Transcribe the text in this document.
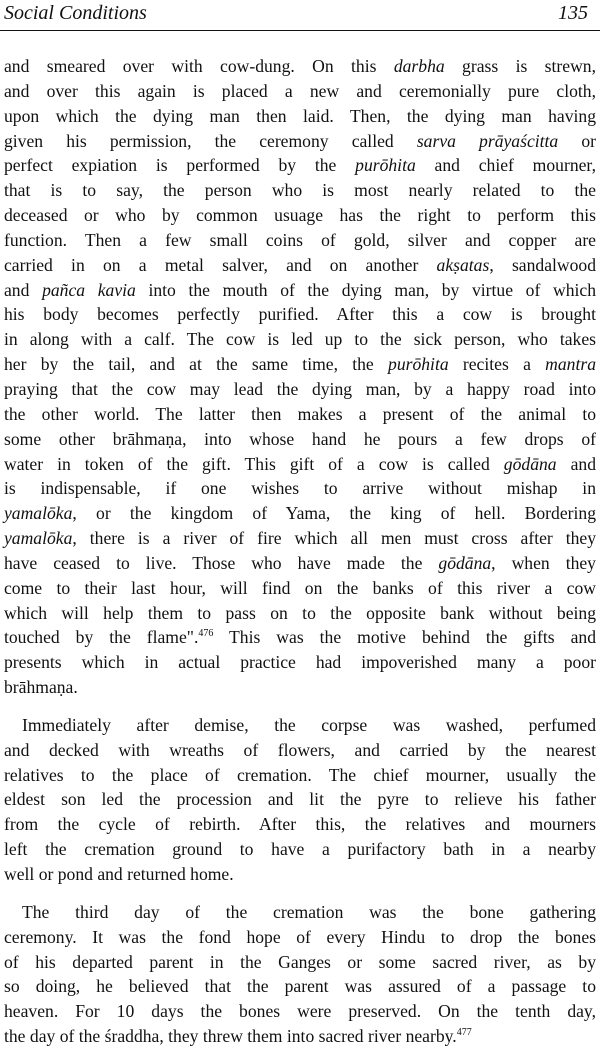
Social Conditions	135
and smeared over with cow-dung. On this darbha grass is strewn,
and over this again is placed a new and ceremonially pure cloth,
upon which the dying man then laid. Then, the dying man having
given his permission, the ceremony called sarva prāyaścitta or
perfect expiation is performed by the purōhita and chief mourner,
that is to say, the person who is most nearly related to the
deceased or who by common usuage has the right to perform this
function. Then a few small coins of gold, silver and copper are
carried in on a metal salver, and on another akṣatas, sandalwood
and pañca kavia into the mouth of the dying man, by virtue of which
his body becomes perfectly purified. After this a cow is brought
in along with a calf. The cow is led up to the sick person, who takes
her by the tail, and at the same time, the purōhita recites a mantra
praying that the cow may lead the dying man, by a happy road into
the other world. The latter then makes a present of the animal to
some other brāhmaṇa, into whose hand he pours a few drops of
water in token of the gift. This gift of a cow is called gōdāna and
is indispensable, if one wishes to arrive without mishap in
yamalōka, or the kingdom of Yama, the king of hell. Bordering
yamalōka, there is a river of fire which all men must cross after they
have ceased to live. Those who have made the gōdāna, when they
come to their last hour, will find on the banks of this river a cow
which will help them to pass on to the opposite bank without being
touched by the flame".$^{476}$ This was the motive behind the gifts and
presents which in actual practice had impoverished many a poor
brāhmaṇa.
Immediately after demise, the corpse was washed, perfumed
and decked with wreaths of flowers, and carried by the nearest
relatives to the place of cremation. The chief mourner, usually the
eldest son led the procession and lit the pyre to relieve his father
from the cycle of rebirth. After this, the relatives and mourners
left the cremation ground to have a purifactory bath in a nearby
well or pond and returned home.
The third day of the cremation was the bone gathering
ceremony. It was the fond hope of every Hindu to drop the bones
of his departed parent in the Ganges or some sacred river, as by
so doing, he believed that the parent was assured of a passage to
heaven. For 10 days the bones were preserved. On the tenth day,
the day of the śraddha, they threw them into sacred river nearby.$^{477}$
